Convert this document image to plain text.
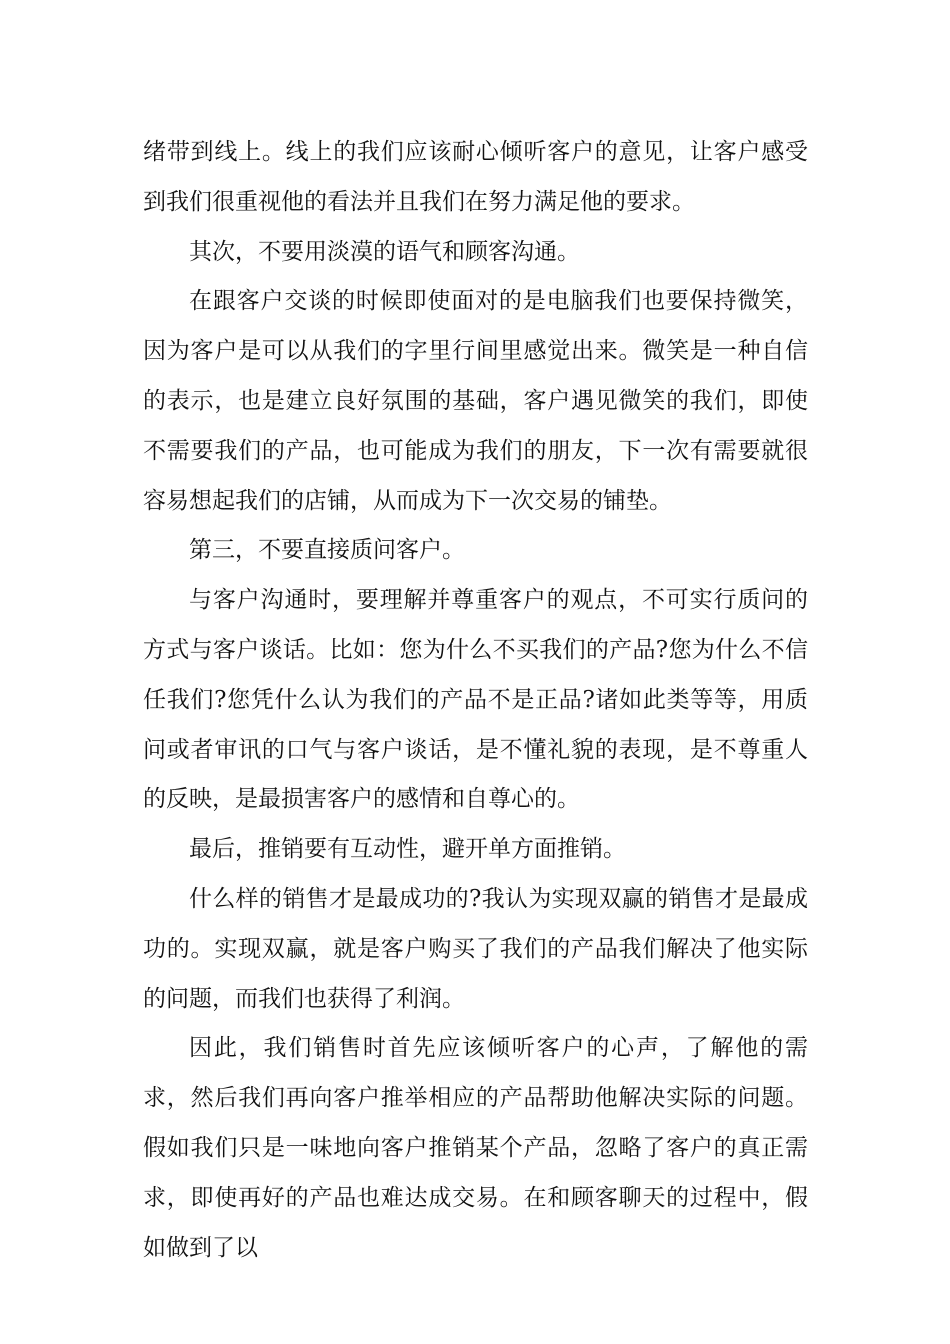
绪带到线上。线上的我们应该耐心倾听客户的意见，让客户感受到我们很重视他的看法并且我们在努力满足他的要求。

其次，不要用淡漠的语气和顾客沟通。

在跟客户交谈的时候即使面对的是电脑我们也要保持微笑，因为客户是可以从我们的字里行间里感觉出来。微笑是一种自信的表示，也是建立良好氛围的基础，客户遇见微笑的我们，即使不需要我们的产品，也可能成为我们的朋友，下一次有需要就很容易想起我们的店铺，从而成为下一次交易的铺垫。

第三，不要直接质问客户。

与客户沟通时，要理解并尊重客户的观点，不可实行质问的方式与客户谈话。比如：您为什么不买我们的产品?您为什么不信任我们?您凭什么认为我们的产品不是正品?诸如此类等等，用质问或者审讯的口气与客户谈话，是不懂礼貌的表现，是不尊重人的反映，是最损害客户的感情和自尊心的。

最后，推销要有互动性，避开单方面推销。

什么样的销售才是最成功的?我认为实现双赢的销售才是最成功的。实现双赢，就是客户购买了我们的产品我们解决了他实际的问题，而我们也获得了利润。

因此，我们销售时首先应该倾听客户的心声，了解他的需求，然后我们再向客户推举相应的产品帮助他解决实际的问题。假如我们只是一味地向客户推销某个产品，忽略了客户的真正需求，即使再好的产品也难达成交易。在和顾客聊天的过程中，假如做到了以
